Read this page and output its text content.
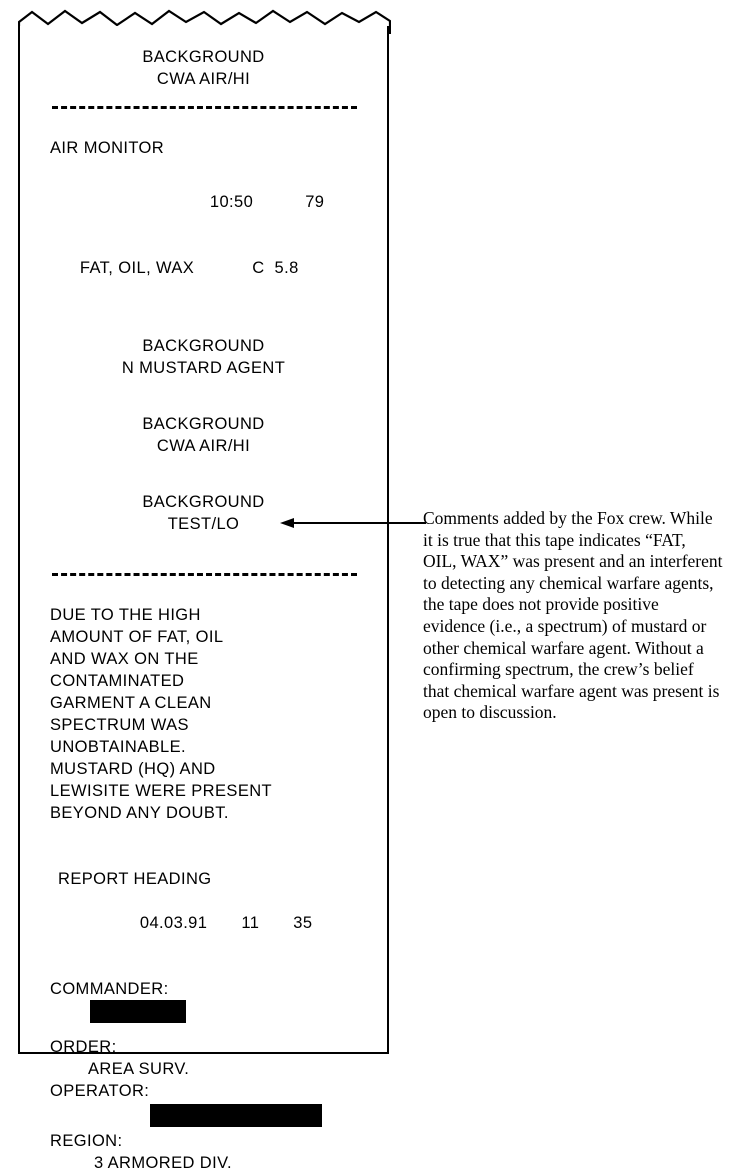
BACKGROUND
CWA AIR/HI
AIR MONITOR

10:50	79

FAT, OIL, WAX	C  5.8

BACKGROUND
N MUSTARD AGENT
BACKGROUND
CWA AIR/HI
BACKGROUND
TEST/LO
DUE TO THE HIGH
AMOUNT OF FAT, OIL
AND WAX ON THE
CONTAMINATED
GARMENT A CLEAN
SPECTRUM WAS
UNOBTAINABLE.
MUSTARD (HQ) AND
LEWISITE WERE PRESENT
BEYOND ANY DOUBT.
REPORT HEADING

04.03.91 11 35

COMMANDER:
ORDER:
AREA SURV.
OPERATOR:
REGION:
3 ARMORED DIV.
Comments added by the Fox crew. While it is true that this tape indicates “FAT, OIL, WAX” was present and an interferent to detecting any chemical warfare agents, the tape does not provide positive evidence (i.e., a spectrum) of mustard or other chemical warfare agent. Without a confirming spectrum, the crew’s belief that chemical warfare agent was present is open to discussion.
